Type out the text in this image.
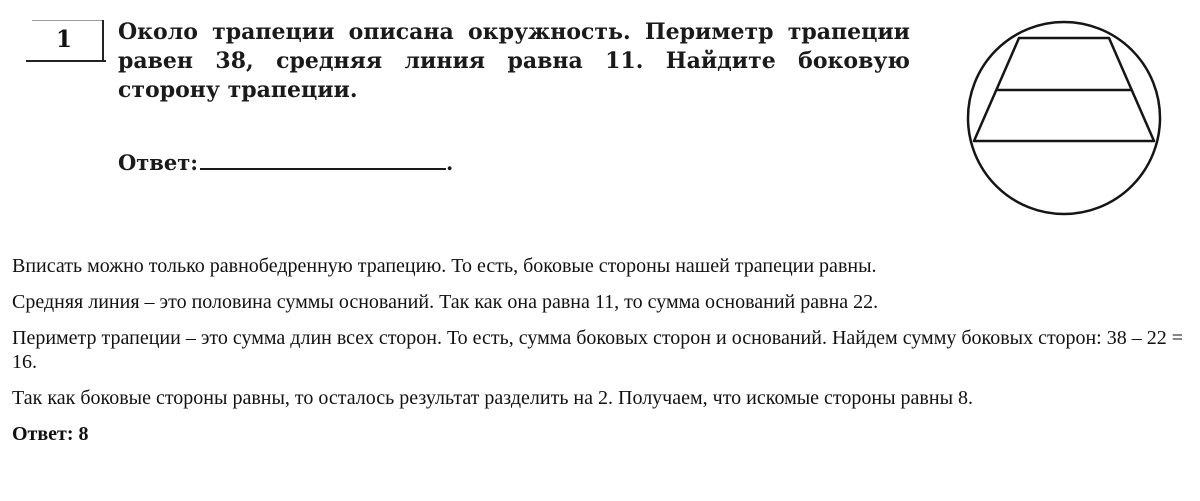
1 Около трапеции описана окружность. Периметр трапеции равен 38, средняя линия равна 11. Найдите боковую сторону трапеции.
Ответ:	.

Вписать можно только равнобедренную трапецию. То есть, боковые стороны нашей трапеции равны.

Средняя линия – это половина суммы оснований. Так как она равна 11, то сумма оснований равна 22.

Периметр трапеции – это сумма длин всех сторон. То есть, сумма боковых сторон и оснований. Найдем сумму боковых сторон: 38 – 22 = 16.

Так как боковые стороны равны, то осталось результат разделить на 2. Получаем, что искомые стороны равны 8.

Ответ: 8
